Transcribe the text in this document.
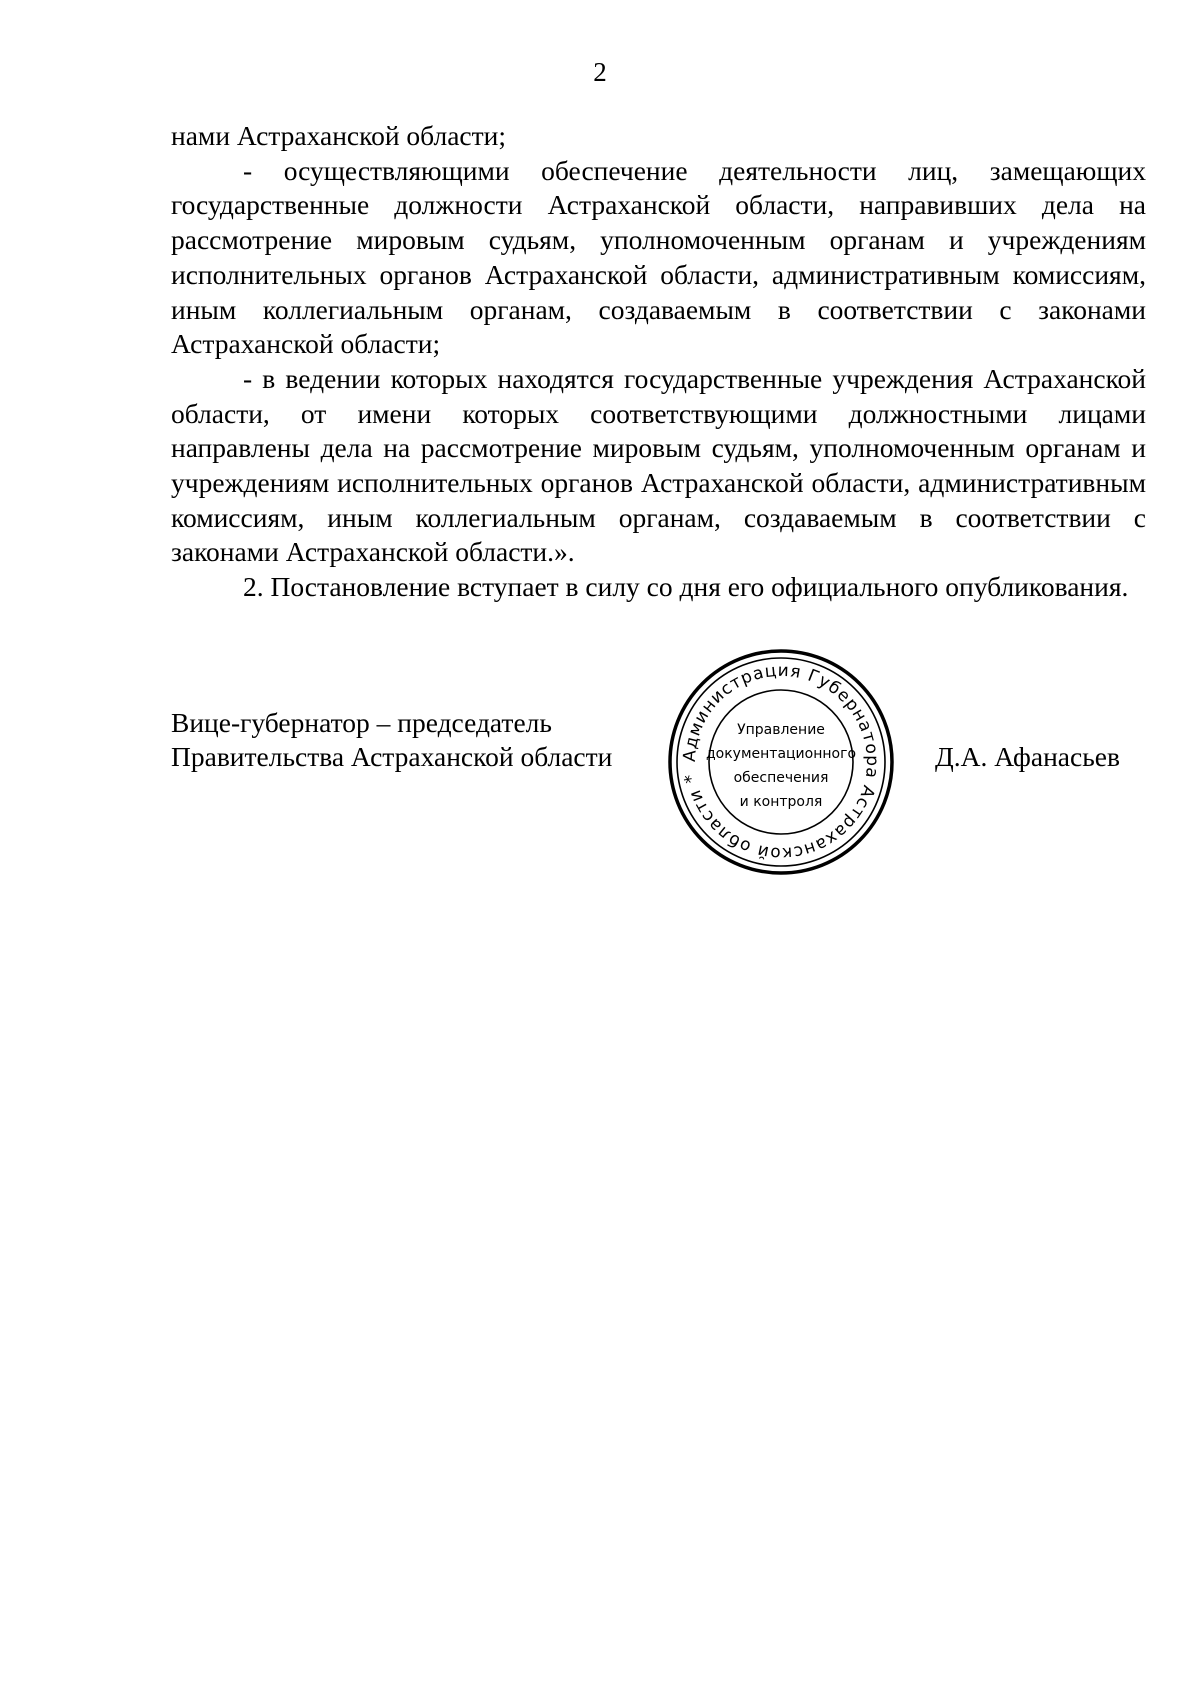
2

нами Астраханской области;

- осуществляющими обеспечение деятельности лиц, замещающих государственные должности Астраханской области, направивших дела на рассмотрение мировым судьям, уполномоченным органам и учреждениям исполнительных органов Астраханской области, административным комиссиям, иным коллегиальным органам, создаваемым в соответствии с законами Астраханской области;

- в ведении которых находятся государственные учреждения Астраханской области, от имени которых соответствующими должностными лицами направлены дела на рассмотрение мировым судьям, уполномоченным органам и учреждениям исполнительных органов Астраханской области, административным комиссиям, иным коллегиальным органам, создаваемым в соответствии с законами Астраханской области.».

2. Постановление вступает в силу со дня его официального опубликования.

Вице-губернатор – председатель
Правительства Астраханской области	Администрация Губернатора Астраханской области *
Управление
документационного
обеспечения
и контроля
Д.А. Афанасьев
